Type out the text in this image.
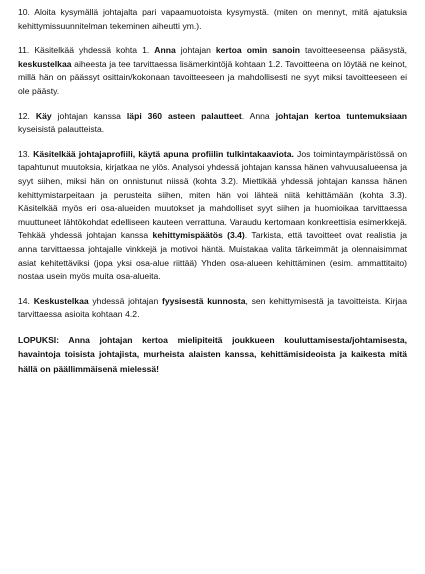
10. Aloita kysymällä johtajalta pari vapaamuotoista kysymystä. (miten on mennyt, mitä ajatuksia kehittymissuunnitelman tekeminen aiheutti ym.).

11. Käsitelkää yhdessä kohta 1. Anna johtajan kertoa omin sanoin tavoitteeseensa pääsystä, keskustelkaa aiheesta ja tee tarvittaessa lisämerkintöjä kohtaan 1.2. Tavoitteena on löytää ne keinot, millä hän on päässyt osittain/kokonaan tavoitteeseen ja mahdollisesti ne syyt miksi tavoitteeseen ei ole päästy.

12. Käy johtajan kanssa läpi 360 asteen palautteet. Anna johtajan kertoa tuntemuksiaan kyseisistä palautteista.

13. Käsitelkää johtajaprofiili, käytä apuna profiilin tulkintakaaviota. Jos toimintaympäristössä on tapahtunut muutoksia, kirjatkaa ne ylös. Analysoi yhdessä johtajan kanssa hänen vahvuusalueensa ja syyt siihen, miksi hän on onnistunut niissä (kohta 3.2). Miettikää yhdessä johtajan kanssa hänen kehittymistarpeitaan ja perusteita siihen, miten hän voi lähteä niitä kehittämään (kohta 3.3). Käsitelkää myös eri osa-alueiden muutokset ja mahdolliset syyt siihen ja huomioikaa tarvittaessa muuttuneet lähtökohdat edelliseen kauteen verrattuna. Varaudu kertomaan konkreettisia esimerkkejä. Tehkää yhdessä johtajan kanssa kehittymispäätös (3.4). Tarkista, että tavoitteet ovat realistia ja anna tarvittaessa johtajalle vinkkejä ja motivoi häntä. Muistakaa valita tärkeimmät ja olennaisimmat asiat kehitettäviksi (jopa yksi osa-alue riittää) Yhden osa-alueen kehittäminen (esim. ammattitaito) nostaa usein myös muita osa-alueita.

14. Keskustelkaa yhdessä johtajan fyysisestä kunnosta, sen kehittymisestä ja tavoitteista. Kirjaa tarvittaessa asioita kohtaan 4.2.

LOPUKSI: Anna johtajan kertoa mielipiteitä joukkueen kouluttamisesta/johtamisesta, havaintoja toisista johtajista, murheista alaisten kanssa, kehittämisideoista ja kaikesta mitä hällä on päällimmäisenä mielessä!
